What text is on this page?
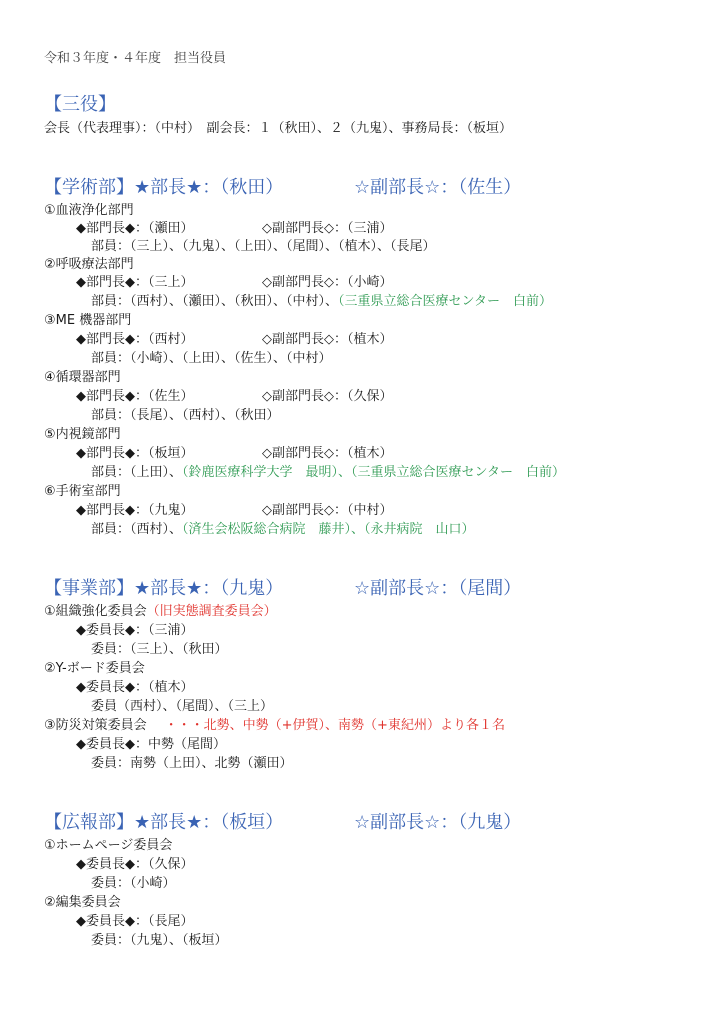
令和３年度・４年度　担当役員
【三役】
会長（代表理事）：（中村）　副会長：１（秋田）、２（九鬼）、事務局長：（板垣）
【学術部】★部長★：（秋田）	☆副部長☆：（佐生）
①血液浄化部門
◆部門長◆：（瀬田）	◇副部門長◇：（三浦）
部員：（三上）、（九鬼）、（上田）、（尾間）、（植木）、（長尾）
②呼吸療法部門
◆部門長◆：（三上）	◇副部門長◇：（小崎）
部員：（西村）、（瀬田）、（秋田）、（中村）、（三重県立総合医療センター　白前）
③ME 機器部門
◆部門長◆：（西村）	◇副部門長◇：（植木）
部員：（小崎）、（上田）、（佐生）、（中村）
④循環器部門
◆部門長◆：（佐生）	◇副部門長◇：（久保）
部員：（長尾）、（西村）、（秋田）
⑤内視鏡部門
◆部門長◆：（板垣）	◇副部門長◇：（植木）
部員：（上田）、（鈴鹿医療科学大学　最明）、（三重県立総合医療センター　白前）
⑥手術室部門
◆部門長◆：（九鬼）	◇副部門長◇：（中村）
部員：（西村）、（済生会松阪総合病院　藤井）、（永井病院　山口）
【事業部】★部長★：（九鬼）	☆副部長☆：（尾間）
①組織強化委員会（旧実態調査委員会）
◆委員長◆：（三浦）
委員：（三上）、（秋田）
②Y-ボード委員会
◆委員長◆：（植木）
委員（西村）、（尾間）、（三上）
③防災対策委員会 ・・・北勢、中勢（+伊賀）、南勢（+東紀州）より各１名
◆委員長◆：中勢（尾間）
委員：南勢（上田）、北勢（瀬田）
【広報部】★部長★：（板垣）	☆副部長☆：（九鬼）
①ホームページ委員会
◆委員長◆：（久保）
委員：（小崎）
②編集委員会
◆委員長◆：（長尾）
委員：（九鬼）、（板垣）
